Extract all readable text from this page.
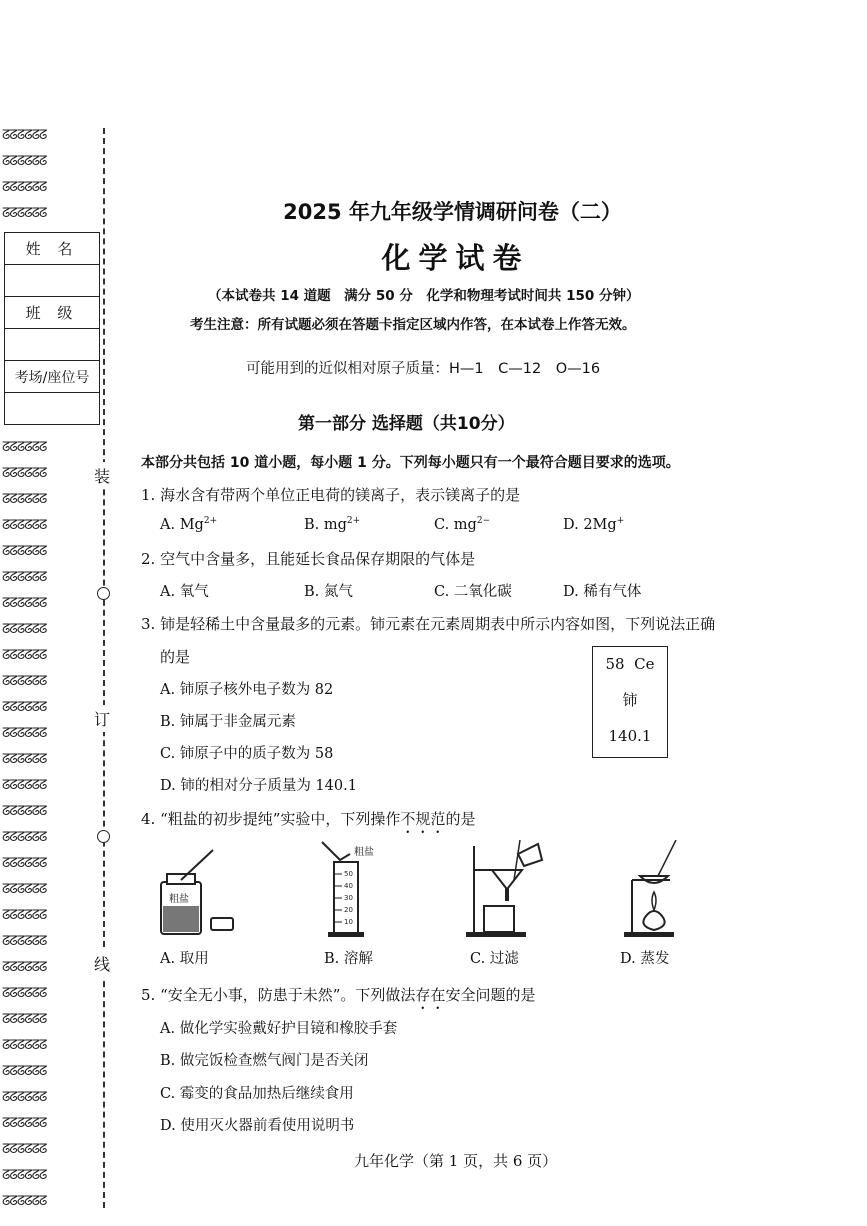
ᘔᘔᘔᘔᘔᘔ
ᘔᘔᘔᘔᘔᘔ
ᘔᘔᘔᘔᘔᘔ
ᘔᘔᘔᘔᘔᘔ
ᘔᘔᘔᘔᘔᘔ
ᘔᘔᘔᘔᘔᘔ
ᘔᘔᘔᘔᘔᘔ
ᘔᘔᘔᘔᘔᘔ
ᘔᘔᘔᘔᘔᘔ
ᘔᘔᘔᘔᘔᘔ
ᘔᘔᘔᘔᘔᘔ
ᘔᘔᘔᘔᘔᘔ
ᘔᘔᘔᘔᘔᘔ
ᘔᘔᘔᘔᘔᘔ
ᘔᘔᘔᘔᘔᘔ
ᘔᘔᘔᘔᘔᘔ
ᘔᘔᘔᘔᘔᘔ
ᘔᘔᘔᘔᘔᘔ
ᘔᘔᘔᘔᘔᘔ
ᘔᘔᘔᘔᘔᘔ
ᘔᘔᘔᘔᘔᘔ
ᘔᘔᘔᘔᘔᘔ
ᘔᘔᘔᘔᘔᘔ
ᘔᘔᘔᘔᘔᘔ
ᘔᘔᘔᘔᘔᘔ
ᘔᘔᘔᘔᘔᘔ
ᘔᘔᘔᘔᘔᘔ
ᘔᘔᘔᘔᘔᘔ
ᘔᘔᘔᘔᘔᘔ
ᘔᘔᘔᘔᘔᘔ
ᘔᘔᘔᘔᘔᘔ
ᘔᘔᘔᘔᘔᘔ
ᘔᘔᘔᘔᘔᘔ
ᘔᘔᘔᘔᘔᘔ
装
订
线
姓 名
班 级
考场/座位号
2025 年九年级学情调研问卷（二）
化学试卷
（本试卷共 14 道题　满分 50 分　化学和物理考试时间共 150 分钟）
考生注意：所有试题必须在答题卡指定区域内作答，在本试卷上作答无效。
可能用到的近似相对原子质量：H—1　C—12　O—16
第一部分 选择题（共10分）
本部分共包括 10 道小题，每小题 1 分。下列每小题只有一个最符合题目要求的选项。
1. 海水含有带两个单位正电荷的镁离子，表示镁离子的是
A. $Mg^{2+}$	B. $mg^{2+}$	C. $mg^{2-}$	D. 2Mg+
2. 空气中含量多，且能延长食品保存期限的气体是
A. 氧气	B. 氮气	C. 二氧化碳	D. 稀有气体
3. 铈是轻稀土中含量最多的元素。铈元素在元素周期表中所示内容如图，下列说法正确
的是
A. 铈原子核外电子数为 82
B. 铈属于非金属元素
C. 铈原子中的质子数为 58
D. 铈的相对分子质量为 140.1
58 Ce
铈
140.1
4. “粗盐的初步提纯”实验中，下列操作不规范的是
粗盐
50
40
30
20
10
粗盐
A. 取用	B. 溶解	C. 过滤	D. 蒸发
5. “安全无小事，防患于未然”。下列做法存在安全问题的是
A. 做化学实验戴好护目镜和橡胶手套
B. 做完饭检查燃气阀门是否关闭
C. 霉变的食品加热后继续食用
D. 使用灭火器前看使用说明书
九年化学（第 1 页，共 6 页）
